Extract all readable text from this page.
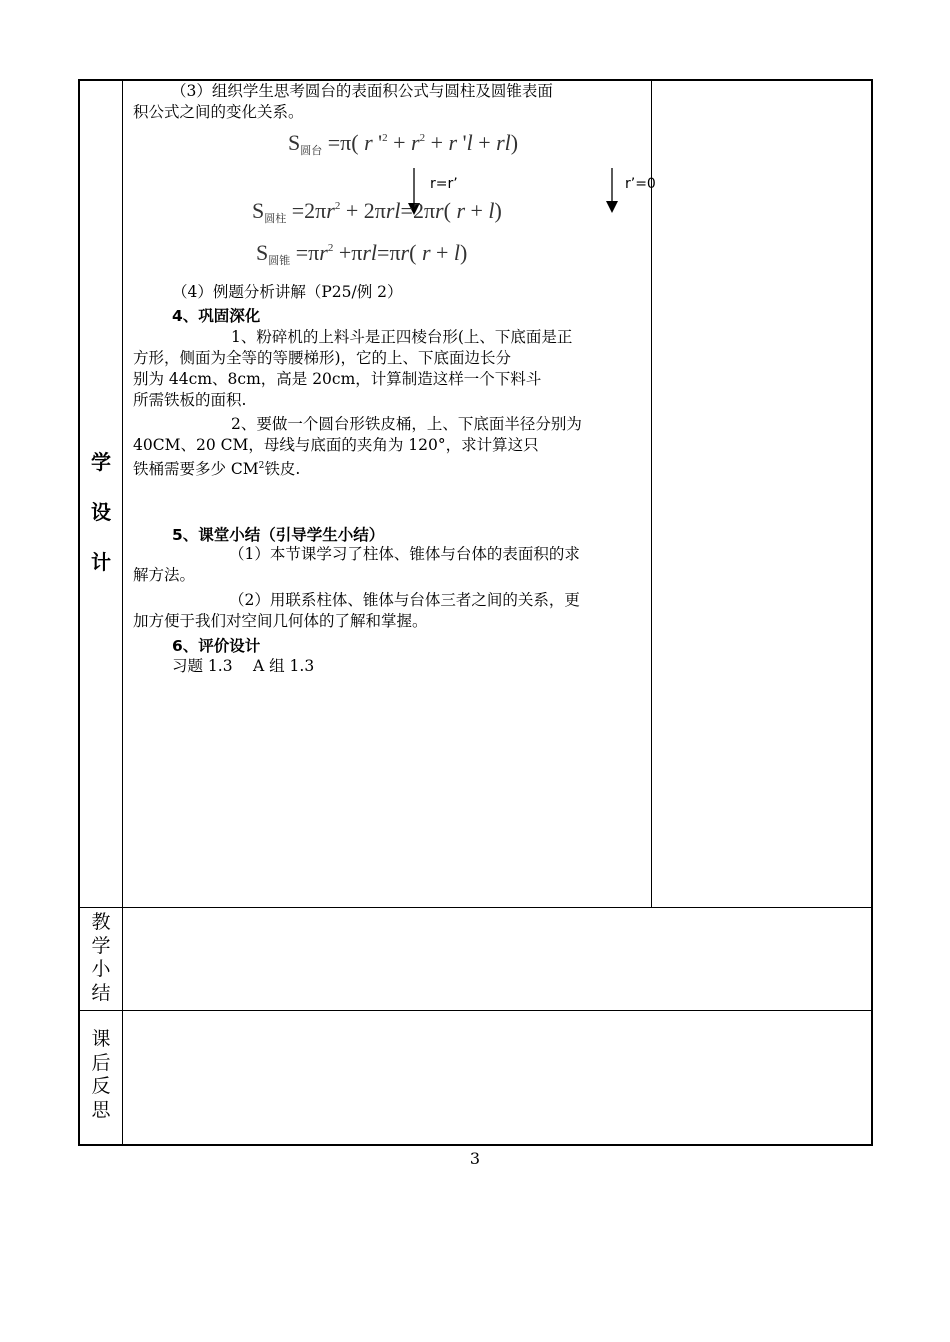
学
设
计
教
学
小
结
课
后
反
思
（3）组织学生思考圆台的表面积公式与圆柱及圆锥表面
积公式之间的变化关系。
$S_{圆台} =\pi$( r '$^2 + r^2 + r$ 'l + rl)
r=r’	r’=0
$S_{圆柱} =2\pi r^2 + 2\pi rl=2\pi r$( r + l)
$S_{圆锥} =\pi r^2 +\pi rl=\pi r$( r + l)
（4）例题分析讲解（P25/例 2）
4、巩固深化
1、粉碎机的上料斗是正四棱台形(上、下底面是正
方形，侧面为全等的等腰梯形)，它的上、下底面边长分
别为 44cm、8cm，高是 20cm，计算制造这样一个下料斗
所需铁板的面积.
2、要做一个圆台形铁皮桶，上、下底面半径分别为
40CM、20 CM，母线与底面的夹角为 120°，求计算这只
铁桶需要多少 $CM^2$铁皮.
5、课堂小结（引导学生小结）
（1）本节课学习了柱体、锥体与台体的表面积的求
解方法。
（2）用联系柱体、锥体与台体三者之间的关系，更
加方便于我们对空间几何体的了解和掌握。
6、评价设计
习题 1.3　 A 组 1.3
3
